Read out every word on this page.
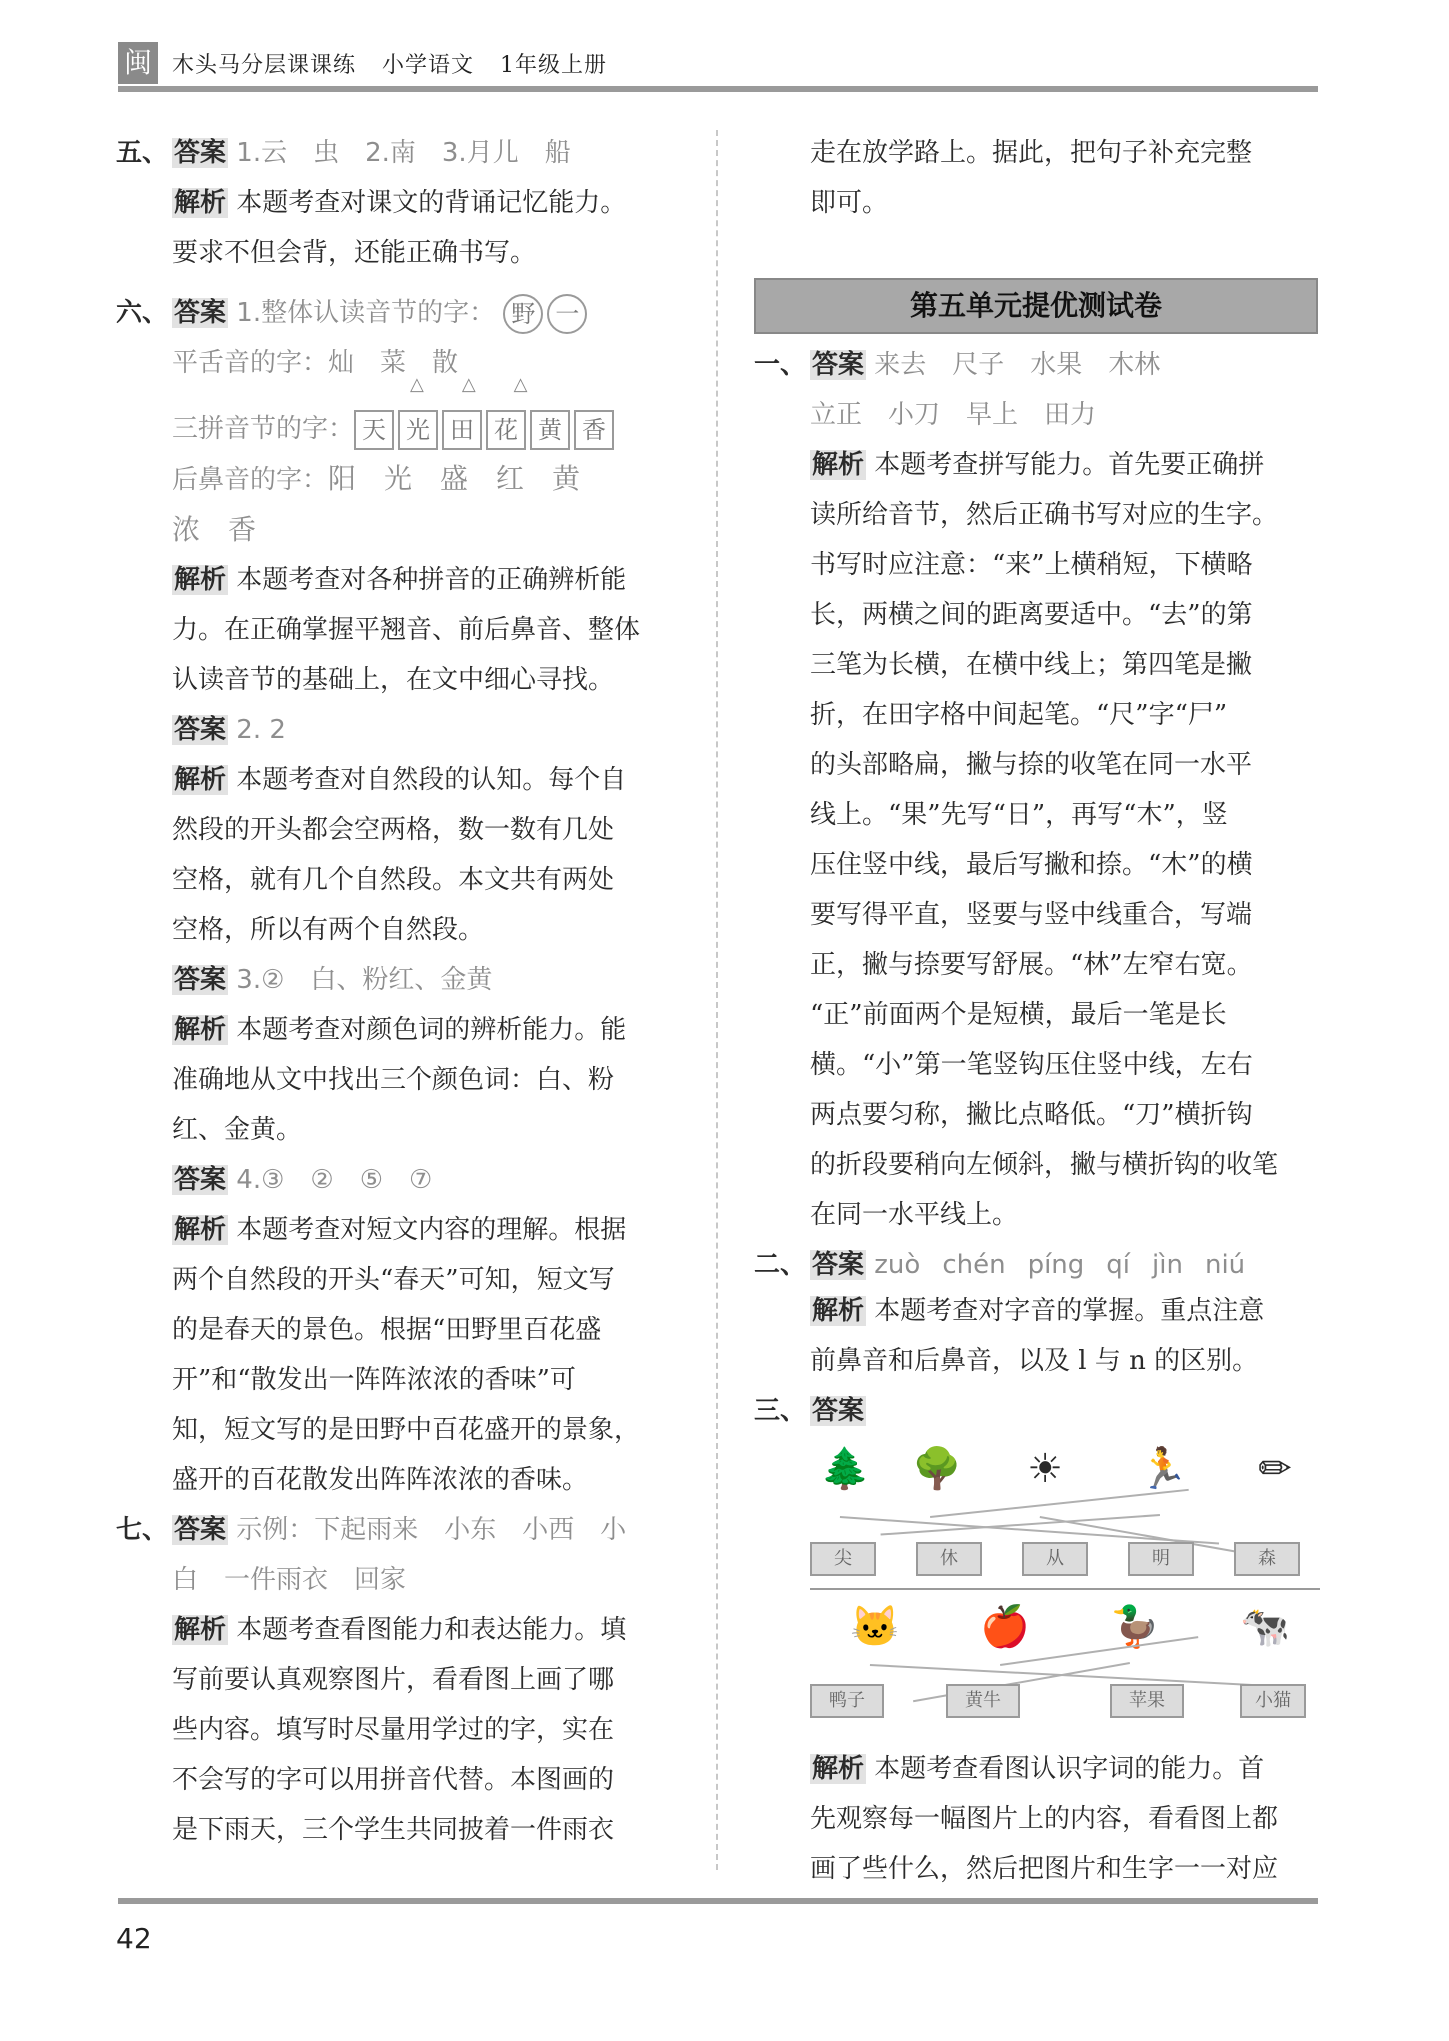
闽 木头马分层课课练 小学语文 1年级上册
五、 答案 1.云　虫　2.南　3.月儿　船
解析 本题考查对课文的背诵记忆能力。
要求不但会背，还能正确书写。
六、 答案 1.整体认读音节的字： 野 一
平舌音的字：灿　菜　散
△△△
三拼音节的字： 天 光 田 花 黄 香
后鼻音的字：阳　光　盛　红　黄
浓　香
解析 本题考查对各种拼音的正确辨析能
力。在正确掌握平翘音、前后鼻音、整体
认读音节的基础上，在文中细心寻找。
答案 2. 2
解析 本题考查对自然段的认知。每个自
然段的开头都会空两格，数一数有几处
空格，就有几个自然段。本文共有两处
空格，所以有两个自然段。
答案 3.②　白、粉红、金黄
解析 本题考查对颜色词的辨析能力。能
准确地从文中找出三个颜色词：白、粉
红、金黄。
答案 4.③　②　⑤　⑦
解析 本题考查对短文内容的理解。根据
两个自然段的开头“春天”可知，短文写
的是春天的景色。根据“田野里百花盛
开”和“散发出一阵阵浓浓的香味”可
知，短文写的是田野中百花盛开的景象，
盛开的百花散发出阵阵浓浓的香味。
七、 答案 示例：下起雨来　小东　小西　小
白　一件雨衣　回家
解析 本题考查看图能力和表达能力。填
写前要认真观察图片，看看图上画了哪
些内容。填写时尽量用学过的字，实在
不会写的字可以用拼音代替。本图画的
是下雨天，三个学生共同披着一件雨衣
走在放学路上。据此，把句子补充完整
即可。
第五单元提优测试卷
一、 答案 来去　尺子　水果　木林
立正　小刀　早上　田力
解析 本题考查拼写能力。首先要正确拼
读所给音节，然后正确书写对应的生字。
书写时应注意：“来”上横稍短，下横略
长，两横之间的距离要适中。“去”的第
三笔为长横，在横中线上；第四笔是撇
折，在田字格中间起笔。“尺”字“尸”
的头部略扁，撇与捺的收笔在同一水平
线上。“果”先写“日”，再写“木”，竖
压住竖中线，最后写撇和捺。“木”的横
要写得平直，竖要与竖中线重合，写端
正，撇与捺要写舒展。“林”左窄右宽。
“正”前面两个是短横，最后一笔是长
横。“小”第一笔竖钩压住竖中线，左右
两点要匀称，撇比点略低。“刀”横折钩
的折段要稍向左倾斜，撇与横折钩的收笔
在同一水平线上。
二、 答案 zuò chén píng qí jìn niú
解析 本题考查对字音的掌握。重点注意
前鼻音和后鼻音，以及 l 与 n 的区别。
三、 答案
🌲 🌳	☀	🏃	✏
尖	休	从	明	森
🐱 🍎 🦆 🐄
鸭子	黄牛	苹果	小猫
解析 本题考查看图认识字词的能力。首
先观察每一幅图片上的内容，看看图上都
画了些什么，然后把图片和生字一一对应
42
